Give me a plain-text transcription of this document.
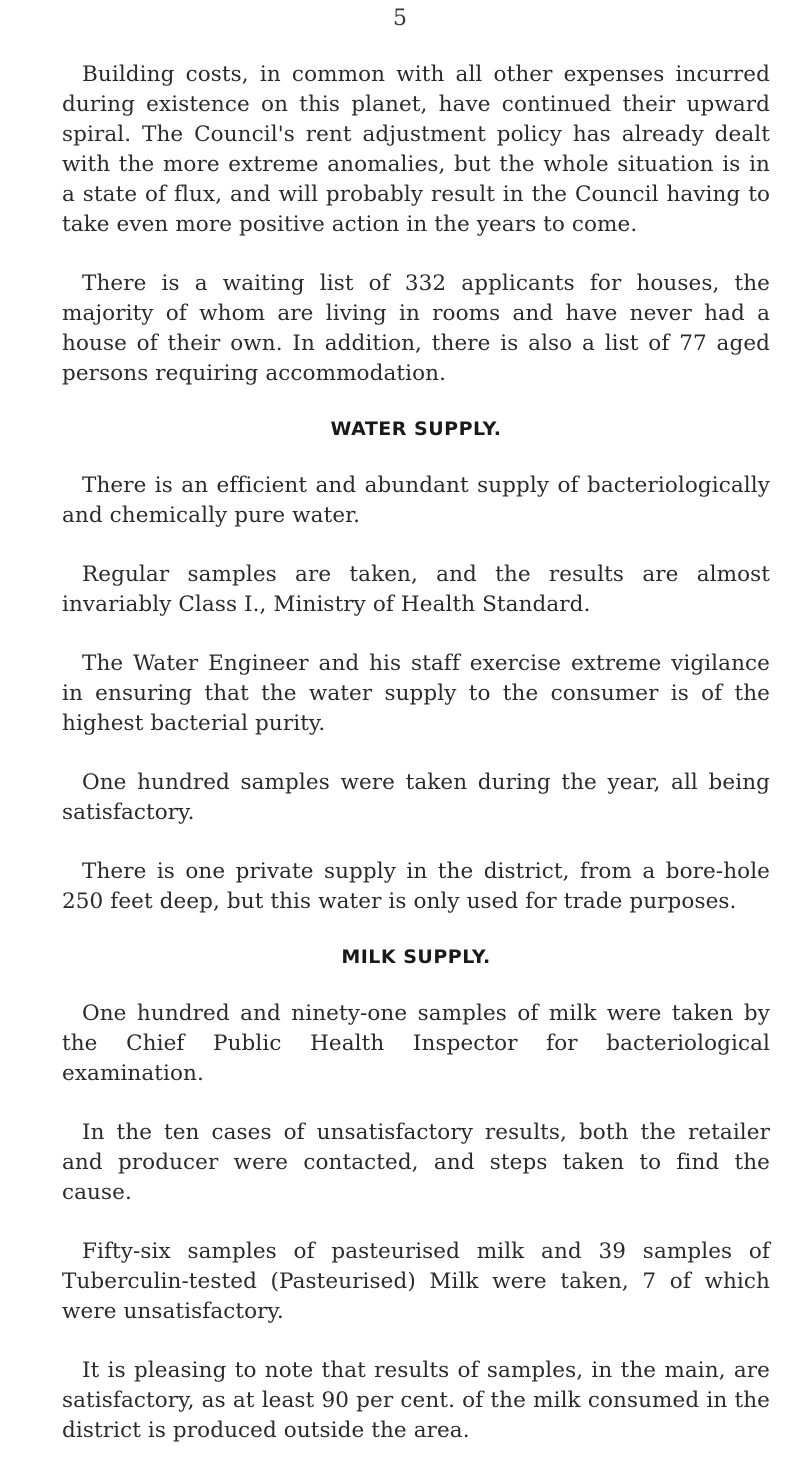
5

Building costs, in common with all other expenses incurred during existence on this planet, have continued their upward spiral. The Council's rent adjustment policy has already dealt with the more extreme anomalies, but the whole situation is in a state of flux, and will probably result in the Council having to take even more positive action in the years to come.

There is a waiting list of 332 applicants for houses, the majority of whom are living in rooms and have never had a house of their own. In addition, there is also a list of 77 aged persons requiring accommodation.

WATER SUPPLY.

There is an efficient and abundant supply of bacteriologically and chemically pure water.

Regular samples are taken, and the results are almost invariably Class I., Ministry of Health Standard.

The Water Engineer and his staff exercise extreme vigilance in ensuring that the water supply to the consumer is of the highest bacterial purity.

One hundred samples were taken during the year, all being satisfactory.

There is one private supply in the district, from a bore-hole 250 feet deep, but this water is only used for trade purposes.

MILK SUPPLY.

One hundred and ninety-one samples of milk were taken by the Chief Public Health Inspector for bacteriological examination.

In the ten cases of unsatisfactory results, both the retailer and producer were contacted, and steps taken to find the cause.

Fifty-six samples of pasteurised milk and 39 samples of Tuberculin-tested (Pasteurised) Milk were taken, 7 of which were unsatisfactory.

It is pleasing to note that results of samples, in the main, are satisfactory, as at least 90 per cent. of the milk consumed in the district is produced outside the area.
